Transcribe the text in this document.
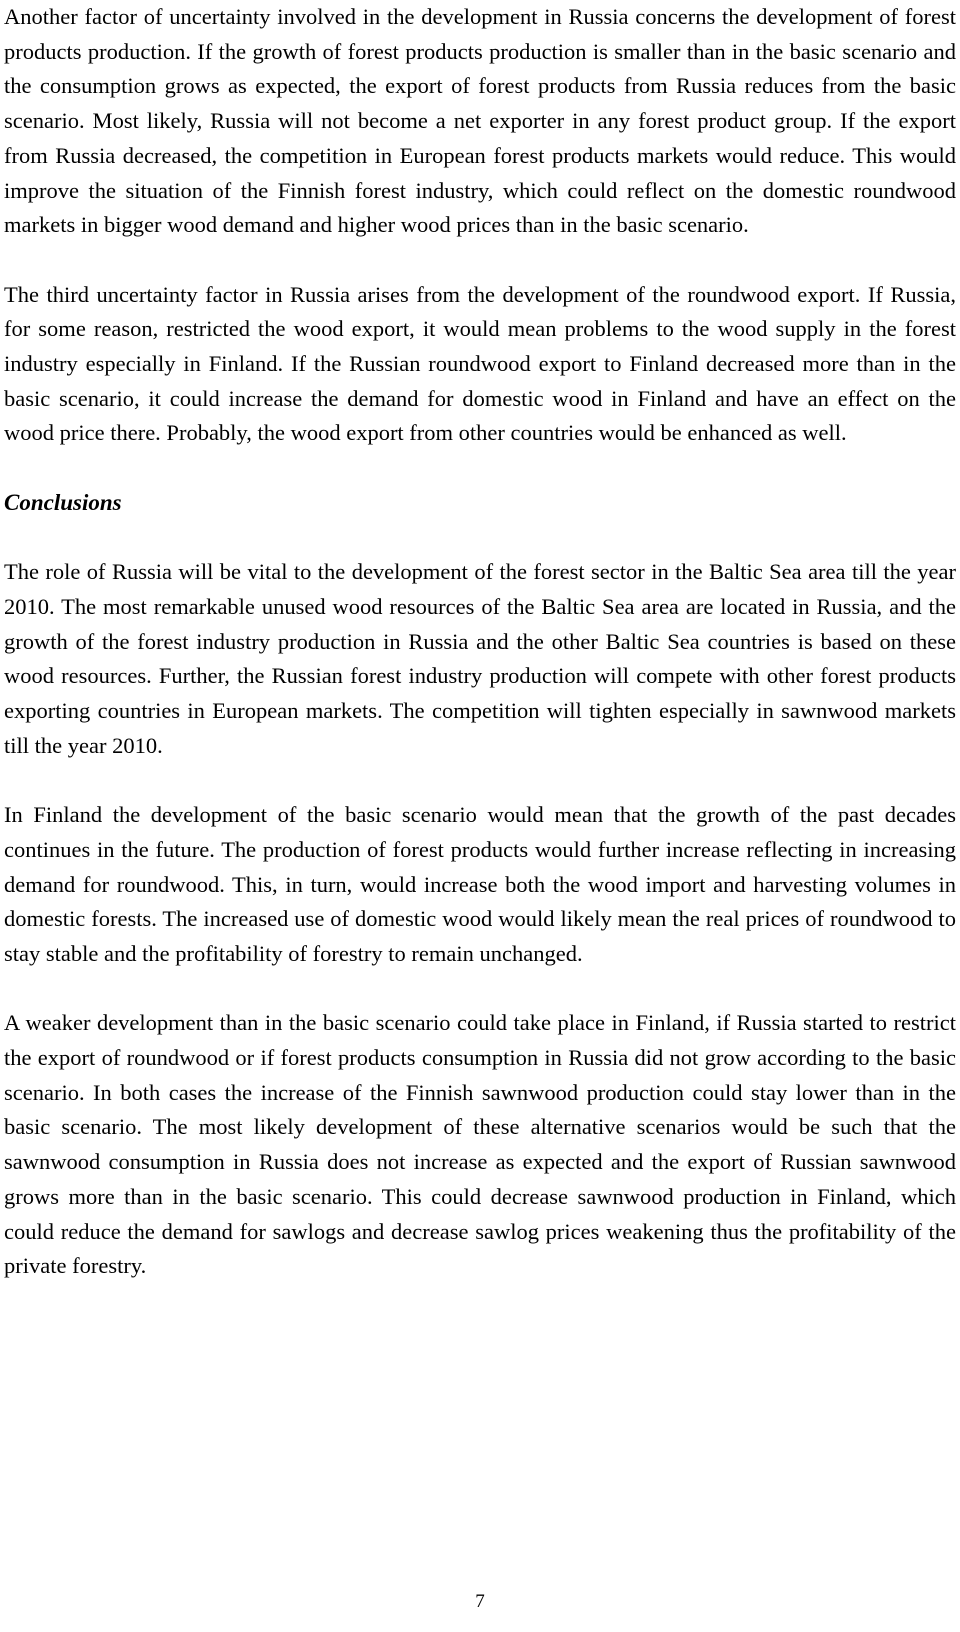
Another factor of uncertainty involved in the development in Russia concerns the development of forest products production. If the growth of forest products production is smaller than in the basic scenario and the consumption grows as expected, the export of forest products from Russia reduces from the basic scenario. Most likely, Russia will not become a net exporter in any forest product group. If the export from Russia decreased, the competition in European forest products markets would reduce. This would improve the situation of the Finnish forest industry, which could reflect on the domestic roundwood markets in bigger wood demand and higher wood prices than in the basic scenario.

The third uncertainty factor in Russia arises from the development of the roundwood export. If Russia, for some reason, restricted the wood export, it would mean problems to the wood supply in the forest industry especially in Finland. If the Russian roundwood export to Finland decreased more than in the basic scenario, it could increase the demand for domestic wood in Finland and have an effect on the wood price there. Probably, the wood export from other countries would be enhanced as well.

Conclusions

The role of Russia will be vital to the development of the forest sector in the Baltic Sea area till the year 2010. The most remarkable unused wood resources of the Baltic Sea area are located in Russia, and the growth of the forest industry production in Russia and the other Baltic Sea countries is based on these wood resources. Further, the Russian forest industry production will compete with other forest products exporting countries in European markets. The competition will tighten especially in sawnwood markets till the year 2010.

In Finland the development of the basic scenario would mean that the growth of the past decades continues in the future. The production of forest products would further increase reflecting in increasing demand for roundwood. This, in turn, would increase both the wood import and harvesting volumes in domestic forests. The increased use of domestic wood would likely mean the real prices of roundwood to stay stable and the profitability of forestry to remain unchanged.

A weaker development than in the basic scenario could take place in Finland, if Russia started to restrict the export of roundwood or if forest products consumption in Russia did not grow according to the basic scenario. In both cases the increase of the Finnish sawnwood production could stay lower than in the basic scenario. The most likely development of these alternative scenarios would be such that the sawnwood consumption in Russia does not increase as expected and the export of Russian sawnwood grows more than in the basic scenario. This could decrease sawnwood production in Finland, which could reduce the demand for sawlogs and decrease sawlog prices weakening thus the profitability of the private forestry.

7
